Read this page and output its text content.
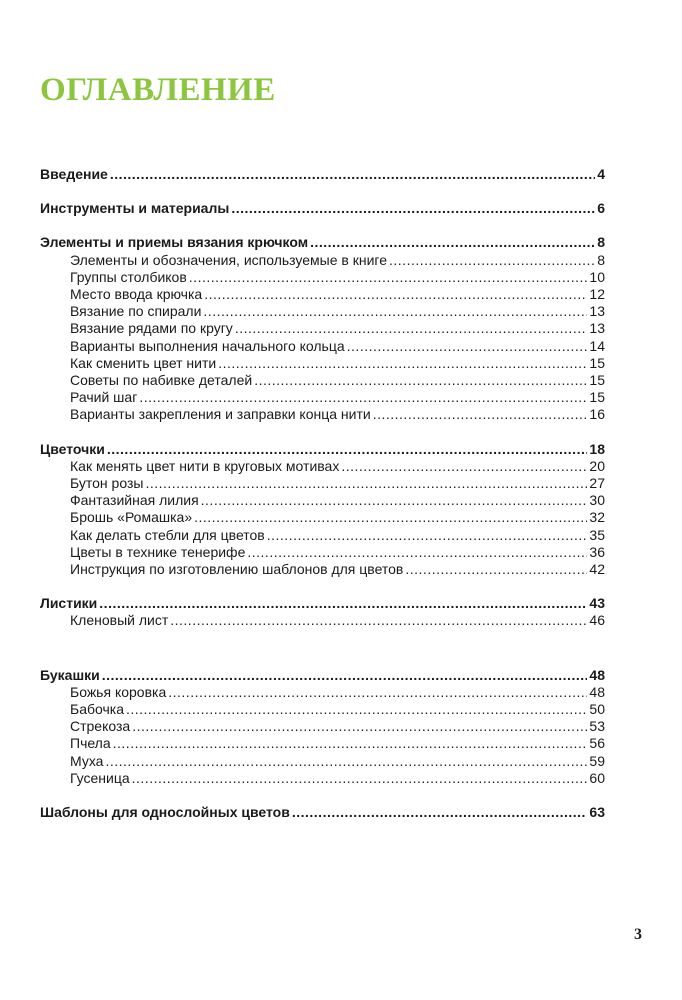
ОГЛАВЛЕНИЕ
Введение .....	4
Инструменты и материалы .....	6
Элементы и приемы вязания крючком .....	8
Элементы и обозначения, используемые в книге .....	8
Группы столбиков .....	10
Место ввода крючка .....	12
Вязание по спирали .....	13
Вязание рядами по кругу .....	13
Варианты выполнения начального кольца .....	14
Как сменить цвет нити .....	15
Советы по набивке деталей .....	15
Рачий шаг .....	15
Варианты закрепления и заправки конца нити .....	16
Цветочки .....	18
Как менять цвет нити в круговых мотивах .....	20
Бутон розы .....	27
Фантазийная лилия .....	30
Брошь «Ромашка» .....	32
Как делать стебли для цветов .....	35
Цветы в технике тенерифе .....	36
Инструкция по изготовлению шаблонов для цветов .....	42
Листики .....	43
Кленовый лист .....	46
Букашки .....	48
Божья коровка .....	48
Бабочка .....	50
Стрекоза .....	53
Пчела .....	56
Муха .....	59
Гусеница .....	60
Шаблоны для однослойных цветов .....	63
3
